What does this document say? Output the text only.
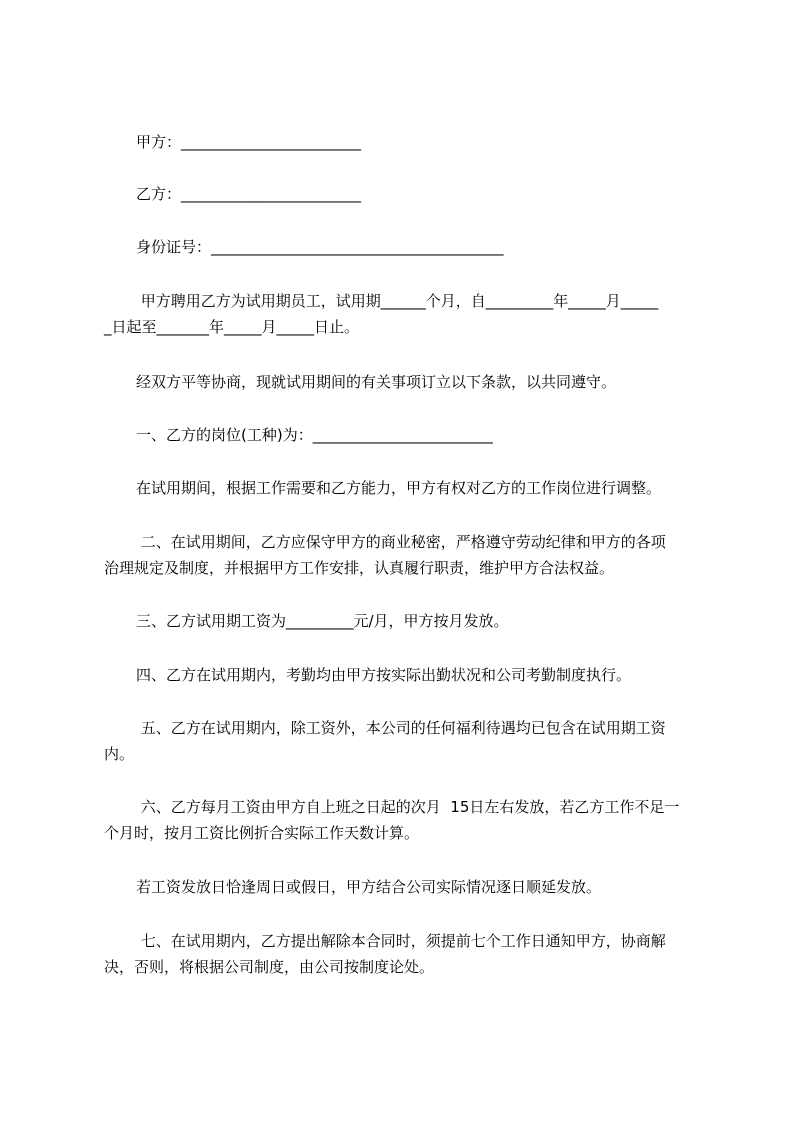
甲方：________________________

乙方：________________________

身份证号：_______________________________________

甲方聘用乙方为试用期员工，试用期______个月，自_________年_____月_____

_日起至_______年_____月_____日止。

经双方平等协商，现就试用期间的有关事项订立以下条款，以共同遵守。

一、乙方的岗位(工种)为：________________________

在试用期间，根据工作需要和乙方能力，甲方有权对乙方的工作岗位进行调整。

二、在试用期间，乙方应保守甲方的商业秘密，严格遵守劳动纪律和甲方的各项

治理规定及制度，并根据甲方工作安排，认真履行职责，维护甲方合法权益。

三、乙方试用期工资为_________元/月，甲方按月发放。

四、乙方在试用期内，考勤均由甲方按实际出勤状况和公司考勤制度执行。

五、乙方在试用期内，除工资外，本公司的任何福利待遇均已包含在试用期工资

内。

六、乙方每月工资由甲方自上班之日起的次月  15日左右发放，若乙方工作不足一

个月时，按月工资比例折合实际工作天数计算。

若工资发放日恰逢周日或假日，甲方结合公司实际情况逐日顺延发放。

七、在试用期内，乙方提出解除本合同时，须提前七个工作日通知甲方，协商解

决，否则，将根据公司制度，由公司按制度论处。
